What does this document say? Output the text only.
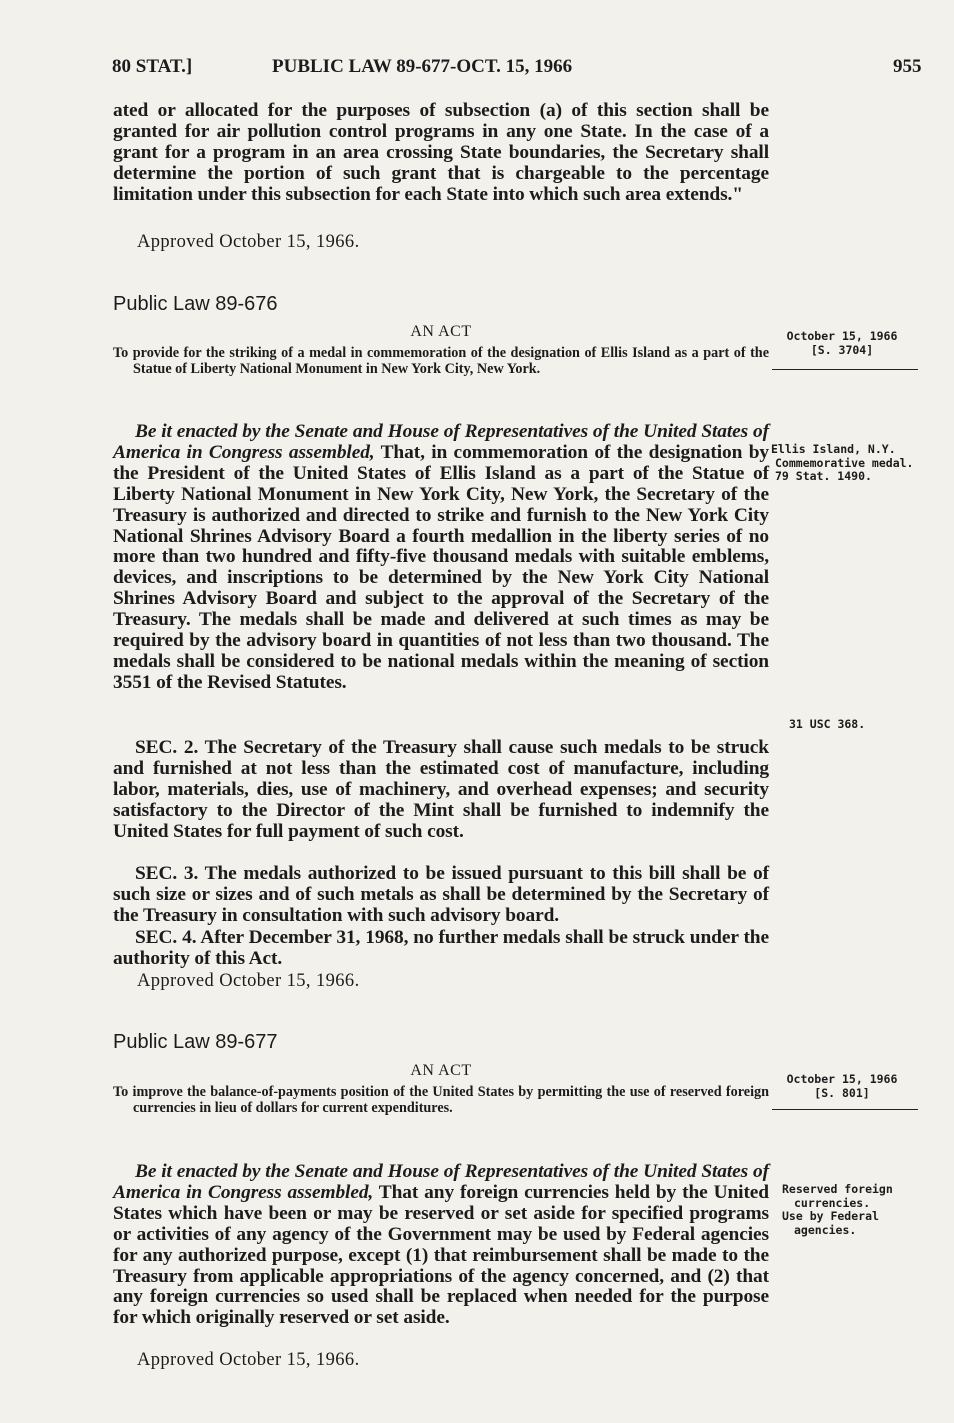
80 STAT.]	PUBLIC LAW 89-677-OCT. 15, 1966	955

ated or allocated for the purposes of subsection (a) of this section shall be granted for air pollution control programs in any one State. In the case of a grant for a program in an area crossing State boundaries, the Secretary shall determine the portion of such grant that is chargeable to the percentage limitation under this subsection for each State into which such area extends."

Approved October 15, 1966.
Public Law 89-676
AN ACT
To provide for the striking of a medal in commemoration of the designation of Ellis Island as a part of the Statue of Liberty National Monument in New York City, New York.
October 15, 1966
[S. 3704]

Be it enacted by the Senate and House of Representatives of the United States of America in Congress assembled, That, in commemoration of the designation by the President of the United States of Ellis Island as a part of the Statue of Liberty National Monument in New York City, New York, the Secretary of the Treasury is authorized and directed to strike and furnish to the New York City National Shrines Advisory Board a fourth medallion in the liberty series of no more than two hundred and fifty-five thousand medals with suitable emblems, devices, and inscriptions to be determined by the New York City National Shrines Advisory Board and subject to the approval of the Secretary of the Treasury. The medals shall be made and delivered at such times as may be required by the advisory board in quantities of not less than two thousand. The medals shall be considered to be national medals within the meaning of section 3551 of the Revised Statutes.

Ellis Island, N.Y.
Commemorative medal.
79 Stat. 1490.
31 USC 368.

SEC. 2. The Secretary of the Treasury shall cause such medals to be struck and furnished at not less than the estimated cost of manufacture, including labor, materials, dies, use of machinery, and overhead expenses; and security satisfactory to the Director of the Mint shall be furnished to indemnify the United States for full payment of such cost.

SEC. 3. The medals authorized to be issued pursuant to this bill shall be of such size or sizes and of such metals as shall be determined by the Secretary of the Treasury in consultation with such advisory board.

SEC. 4. After December 31, 1968, no further medals shall be struck under the authority of this Act.

Approved October 15, 1966.
Public Law 89-677
AN ACT
To improve the balance-of-payments position of the United States by permitting the use of reserved foreign currencies in lieu of dollars for current expenditures.
October 15, 1966
[S. 801]

Be it enacted by the Senate and House of Representatives of the United States of America in Congress assembled, That any foreign currencies held by the United States which have been or may be reserved or set aside for specified programs or activities of any agency of the Government may be used by Federal agencies for any authorized purpose, except (1) that reimbursement shall be made to the Treasury from applicable appropriations of the agency concerned, and (2) that any foreign currencies so used shall be replaced when needed for the purpose for which originally reserved or set aside.

Reserved foreign currencies.
Use by Federal agencies.
Approved October 15, 1966.
